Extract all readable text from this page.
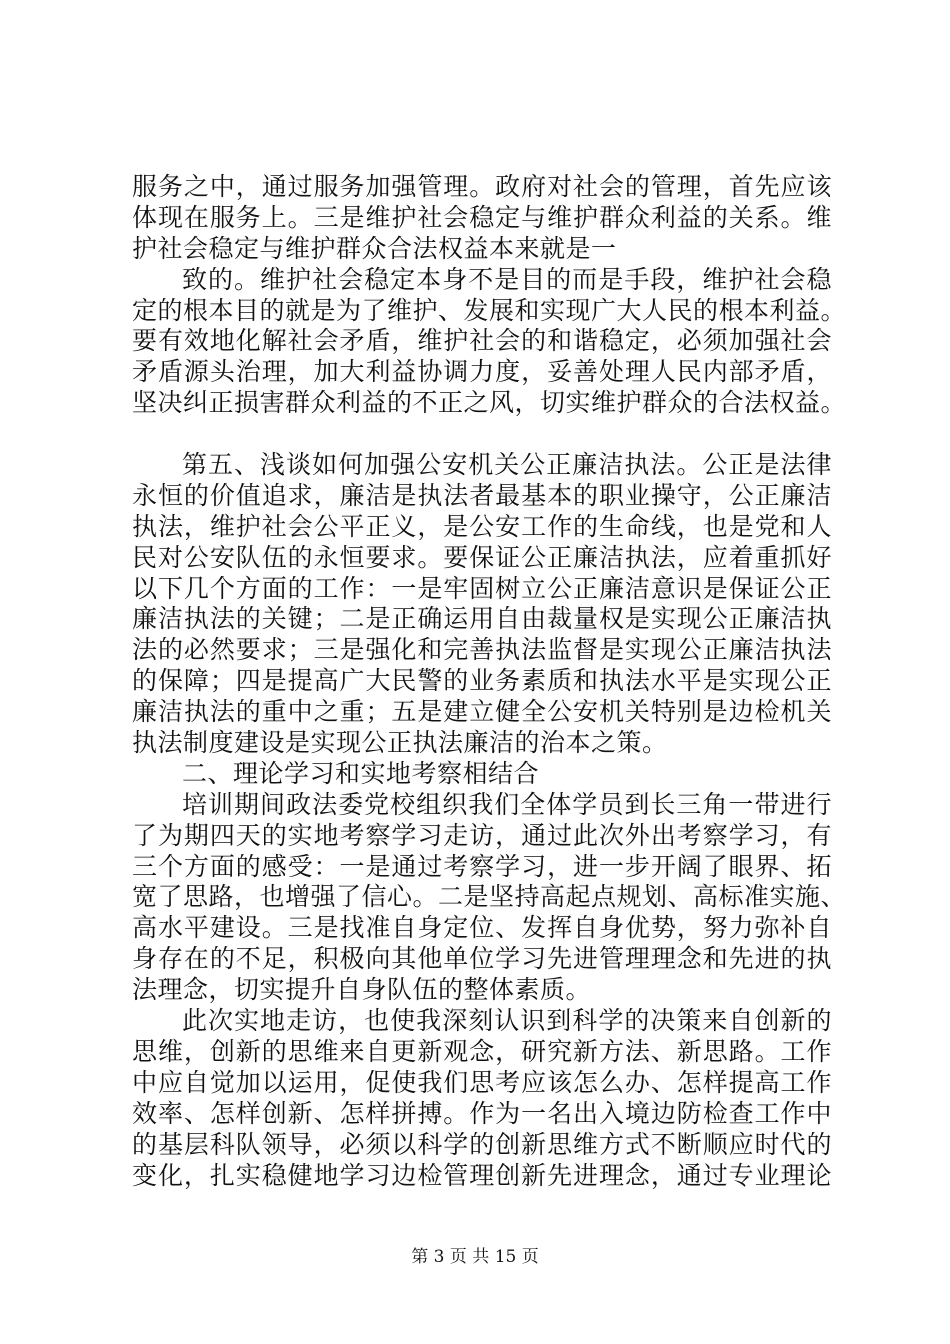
服务之中，通过服务加强管理。政府对社会的管理，首先应该
体现在服务上。三是维护社会稳定与维护群众利益的关系。维
护社会稳定与维护群众合法权益本来就是一
致的。维护社会稳定本身不是目的而是手段，维护社会稳
定的根本目的就是为了维护、发展和实现广大人民的根本利益。
要有效地化解社会矛盾，维护社会的和谐稳定，必须加强社会
矛盾源头治理，加大利益协调力度，妥善处理人民内部矛盾，
坚决纠正损害群众利益的不正之风，切实维护群众的合法权益。
第五、浅谈如何加强公安机关公正廉洁执法。公正是法律
永恒的价值追求，廉洁是执法者最基本的职业操守，公正廉洁
执法，维护社会公平正义，是公安工作的生命线，也是党和人
民对公安队伍的永恒要求。要保证公正廉洁执法，应着重抓好
以下几个方面的工作：一是牢固树立公正廉洁意识是保证公正
廉洁执法的关键；二是正确运用自由裁量权是实现公正廉洁执
法的必然要求；三是强化和完善执法监督是实现公正廉洁执法
的保障；四是提高广大民警的业务素质和执法水平是实现公正
廉洁执法的重中之重；五是建立健全公安机关特别是边检机关
执法制度建设是实现公正执法廉洁的治本之策。
二、理论学习和实地考察相结合
培训期间政法委党校组织我们全体学员到长三角一带进行
了为期四天的实地考察学习走访，通过此次外出考察学习，有
三个方面的感受：一是通过考察学习，进一步开阔了眼界、拓
宽了思路，也增强了信心。二是坚持高起点规划、高标准实施、
高水平建设。三是找准自身定位、发挥自身优势，努力弥补自
身存在的不足，积极向其他单位学习先进管理理念和先进的执
法理念，切实提升自身队伍的整体素质。
此次实地走访，也使我深刻认识到科学的决策来自创新的
思维，创新的思维来自更新观念，研究新方法、新思路。工作
中应自觉加以运用，促使我们思考应该怎么办、怎样提高工作
效率、怎样创新、怎样拼搏。作为一名出入境边防检查工作中
的基层科队领导，必须以科学的创新思维方式不断顺应时代的
变化，扎实稳健地学习边检管理创新先进理念，通过专业理论
第 3 页 共 15 页
